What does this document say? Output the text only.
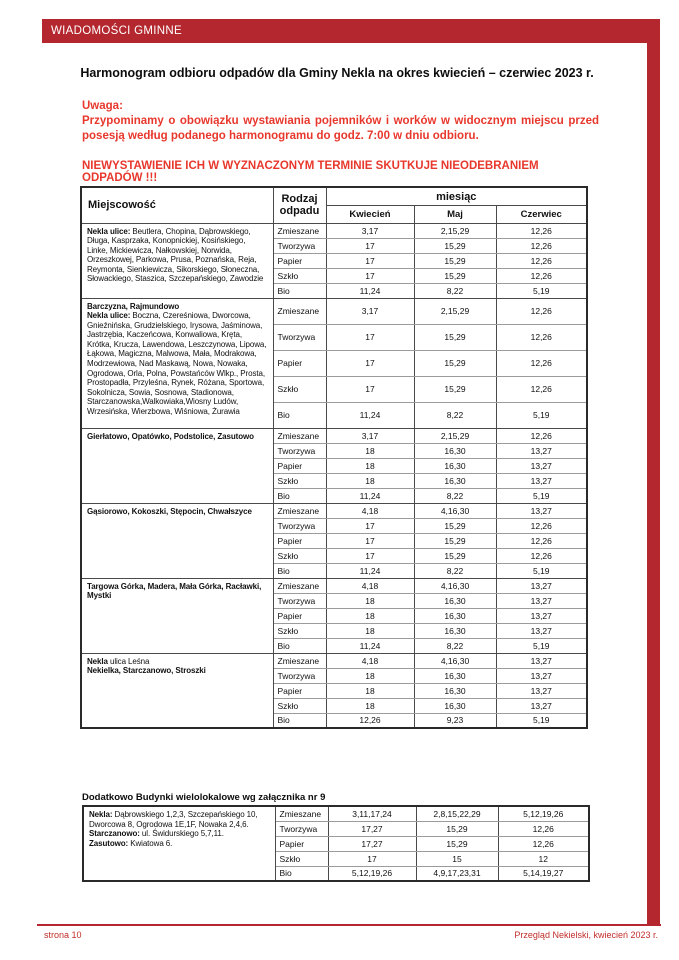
WIADOMOŚCI GMINNE
Harmonogram odbioru odpadów dla Gminy Nekla na okres kwiecień – czerwiec 2023 r.
Uwaga:
Przypominamy o obowiązku wystawiania pojemników i worków w widocznym miejscu przed posesją według podanego harmonogramu do godz. 7:00 w dniu odbioru.
NIEWYSTAWIENIE ICH W WYZNACZONYM TERMINIE SKUTKUJE NIEODEBRANIEM ODPADÓW !!!
Miejscowość	Rodzaj odpadu	miesiąc		
		Kwiecień	Maj	Czerwiec

Nekla ulice: Beutlera, Chopina, Dąbrowskiego, Długa, Kasprzaka, Konopnickiej, Kosińskiego, Linke, Mickiewicza, Nałkowskiej, Norwida, Orzeszkowej, Parkowa, Prusa, Poznańska, Reja, Reymonta, Sienkiewicza, Sikorskiego, Słoneczna, Słowackiego, Staszica, Szczepańskiego, Zawodzie	Zmieszane	3,17	2,15,29	12,26
	Tworzywa	17	15,29	12,26
	Papier	17	15,29	12,26
	Szkło	17	15,29	12,26
	Bio	11,24	8,22	5,19

Barczyzna, Rajmundowo
Nekla ulice: Boczna, Czereśniowa, Dworcowa, Gnieźnińska, Grudzielskiego, Irysowa, Jaśminowa, Jastrzębia, Kaczeńcowa, Konwaliowa, Kręta, Krótka, Krucza, Lawendowa, Leszczynowa, Lipowa, Łąkowa, Magiczna, Malwowa, Mała, Modrakowa, Modrzewiowa, Nad Maskawą, Nowa, Nowaka, Ogrodowa, Orla, Polna, Powstańców Wlkp., Prosta, Prostopadła, Przyleśna, Rynek, Różana, Sportowa, Sokolnicza, Sowia, Sosnowa, Stadionowa, Starczanowska,Walkowiaka,Wiosny Ludów, Wrzesińska, Wierzbowa, Wiśniowa, Żurawia	Zmieszane	3,17	2,15,29	12,26
	Tworzywa	17	15,29	12,26
	Papier	17	15,29	12,26
	Szkło	17	15,29	12,26
	Bio	11,24	8,22	5,19

Gierłatowo, Opatówko, Podstolice, Zasutowo	Zmieszane	3,17	2,15,29	12,26
	Tworzywa	18	16,30	13,27
	Papier	18	16,30	13,27
	Szkło	18	16,30	13,27
	Bio	11,24	8,22	5,19

Gąsiorowo, Kokoszki, Stępocin, Chwałszyce	Zmieszane	4,18	4,16,30	13,27
	Tworzywa	17	15,29	12,26
	Papier	17	15,29	12,26
	Szkło	17	15,29	12,26
	Bio	11,24	8,22	5,19

Targowa Górka, Madera, Mała Górka, Racławki, Mystki	Zmieszane	4,18	4,16,30	13,27
	Tworzywa	18	16,30	13,27
	Papier	18	16,30	13,27
	Szkło	18	16,30	13,27
	Bio	11,24	8,22	5,19

Nekla ulica Leśna
Nekielka, Starczanowo, Stroszki	Zmieszane	4,18	4,16,30	13,27
	Tworzywa	18	16,30	13,27
	Papier	18	16,30	13,27
	Szkło	18	16,30	13,27
	Bio	12,26	9,23	5,19
Dodatkowo Budynki wielolokalowe wg załącznika nr 9
Nekla: Dąbrowskiego 1,2,3, Szczepańskiego 10, Dworcowa 8, Ogrodowa 1E,1F, Nowaka 2,4,6.
Starczanowo: ul. Świdurskiego 5,7,11.
Zasutowo: Kwiatowa 6.	Zmieszane	3,11,17,24	2,8,15,22,29	5,12,19,26
	Tworzywa	17,27	15,29	12,26
	Papier	17,27	15,29	12,26
	Szkło	17	15	12
	Bio	5,12,19,26	4,9,17,23,31	5,14,19,27
strona 10	Przegląd Nekielski, kwiecień 2023 r.
